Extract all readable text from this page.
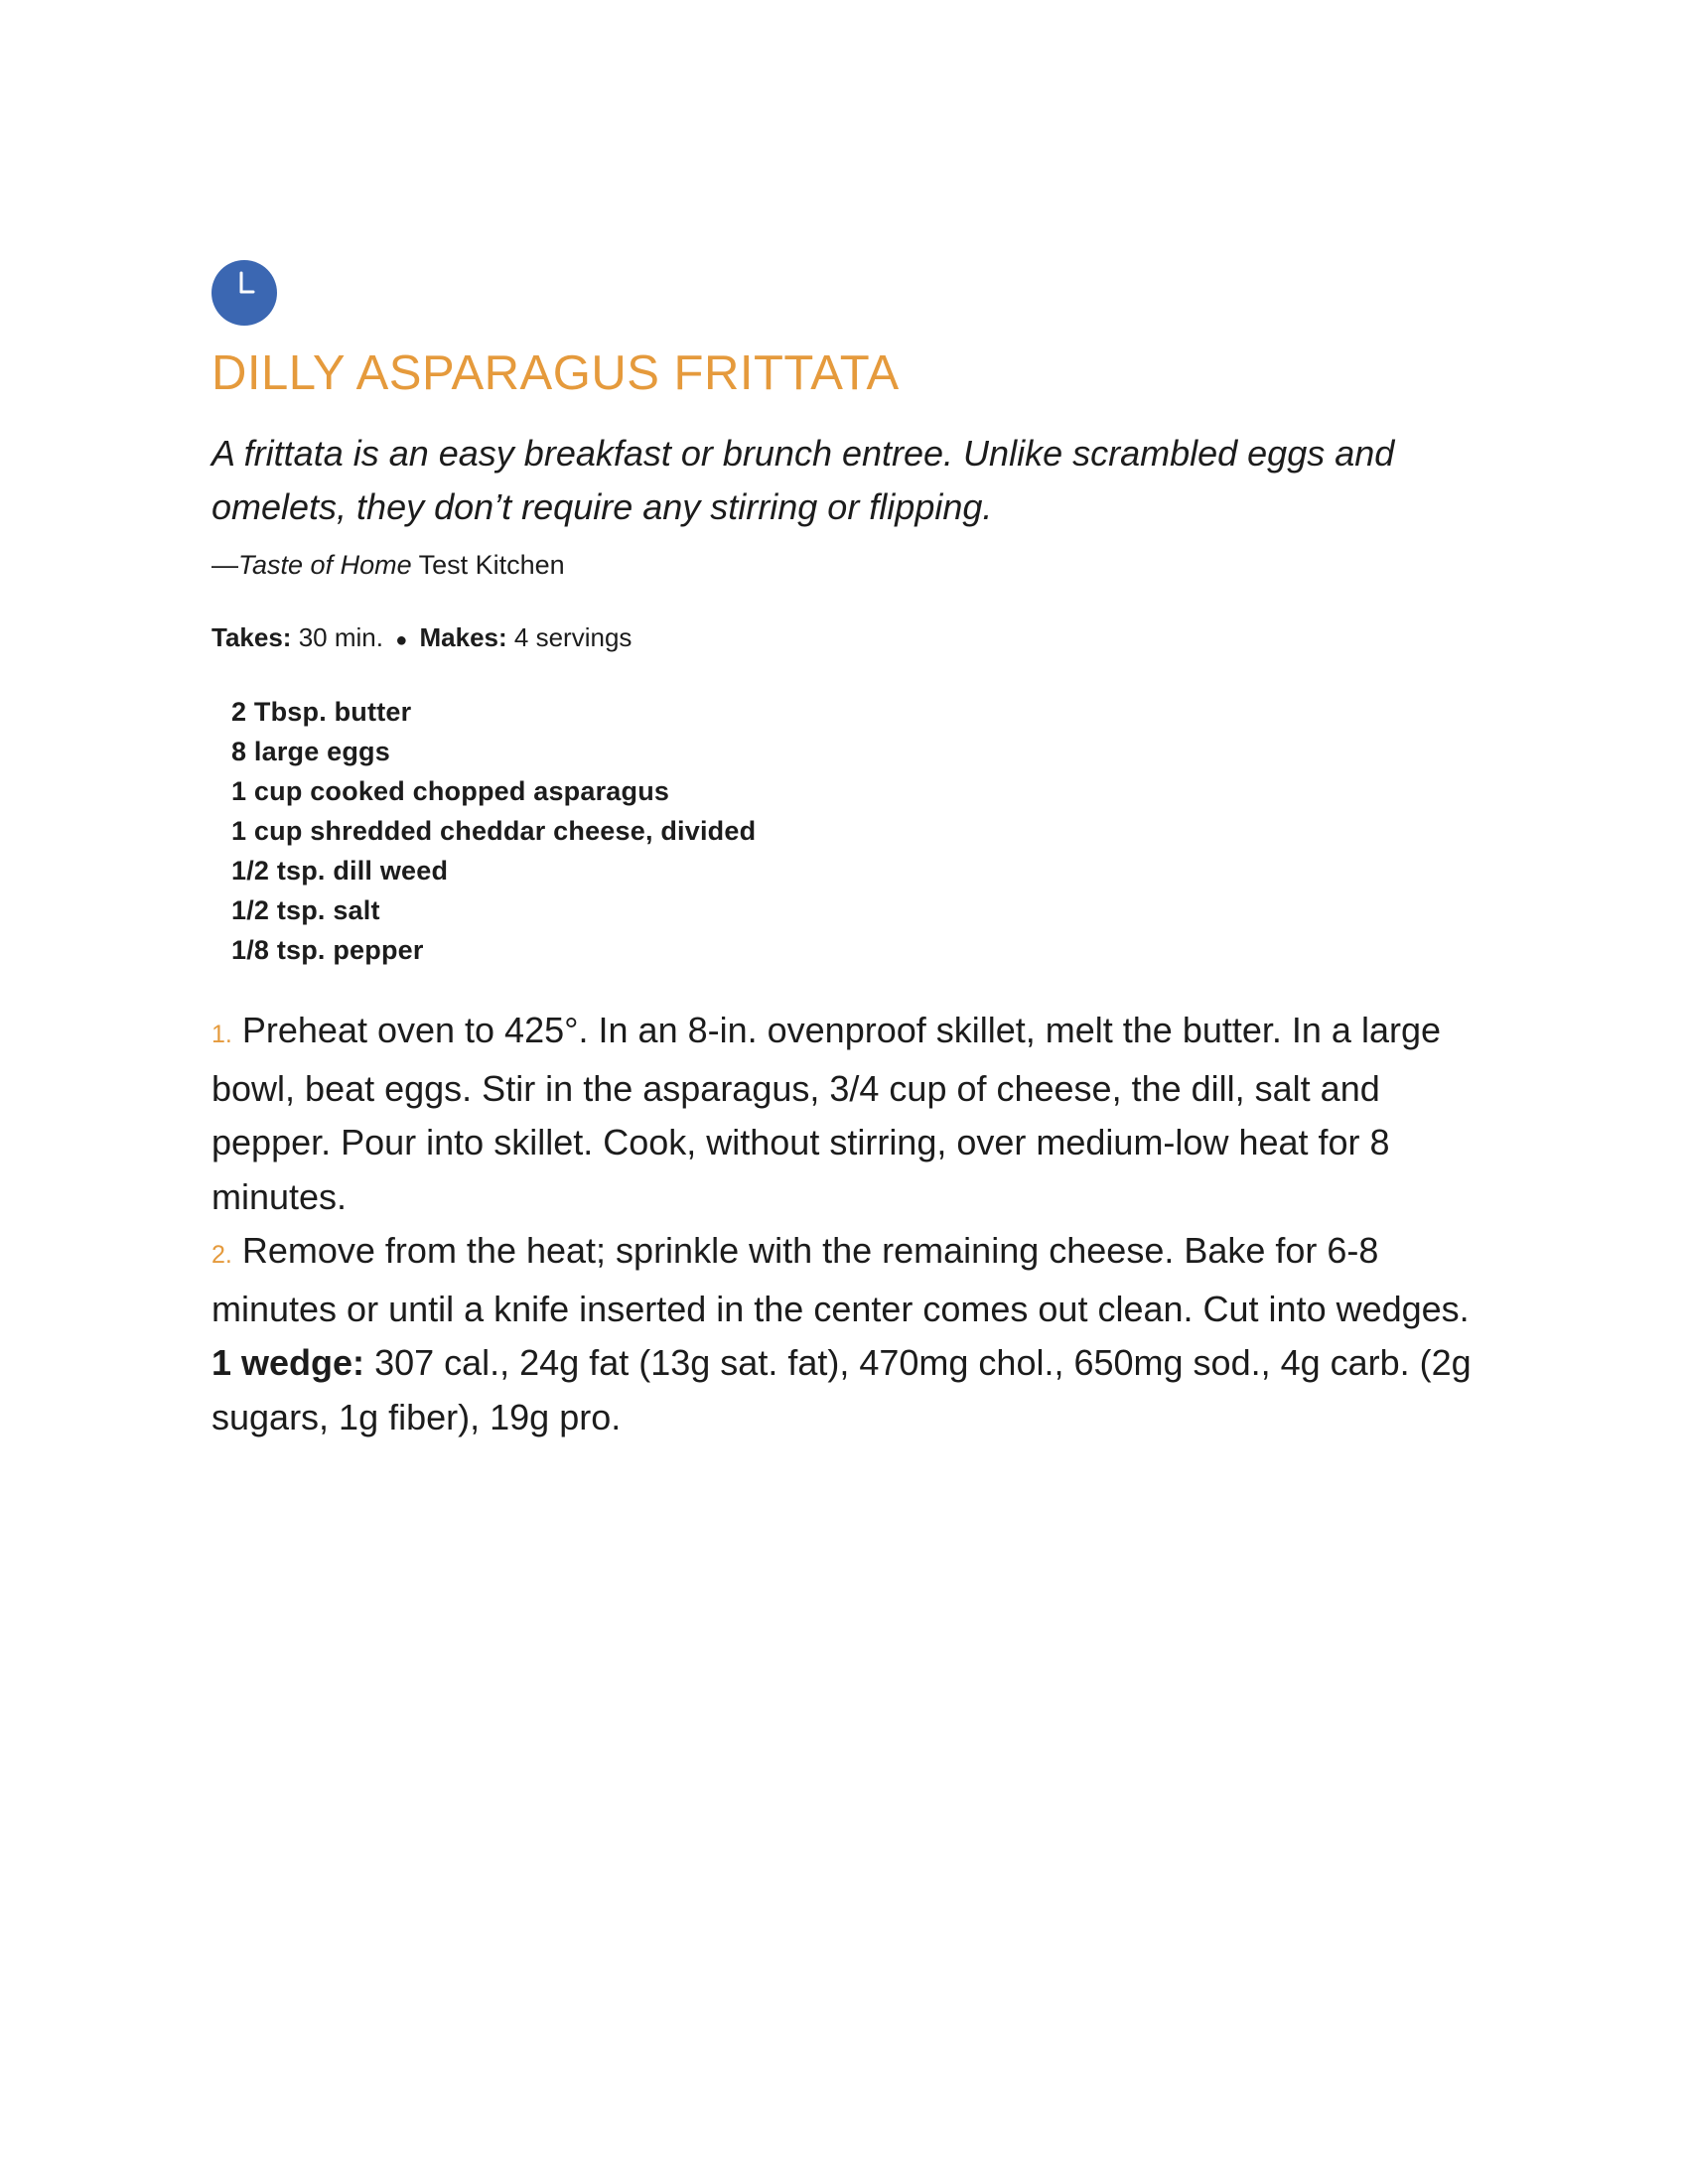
DILLY ASPARAGUS FRITTATA

A frittata is an easy breakfast or brunch entree. Unlike scrambled eggs and omelets, they don’t require any stirring or flipping.

—Taste of Home Test Kitchen
Takes: 30 min. ● Makes: 4 servings
2 Tbsp. butter
8 large eggs
1 cup cooked chopped asparagus
1 cup shredded cheddar cheese, divided
1/2 tsp. dill weed
1/2 tsp. salt
1/8 tsp. pepper

1. Preheat oven to 425°. In an 8-in. ovenproof skillet, melt the butter. In a large bowl, beat eggs. Stir in the asparagus, 3/4 cup of cheese, the dill, salt and pepper. Pour into skillet. Cook, without stirring, over medium-low heat for 8 minutes.

2. Remove from the heat; sprinkle with the remaining cheese. Bake for 6-8 minutes or until a knife inserted in the center comes out clean. Cut into wedges.

1 wedge: 307 cal., 24g fat (13g sat. fat), 470mg chol., 650mg sod., 4g carb. (2g sugars, 1g fiber), 19g pro.
